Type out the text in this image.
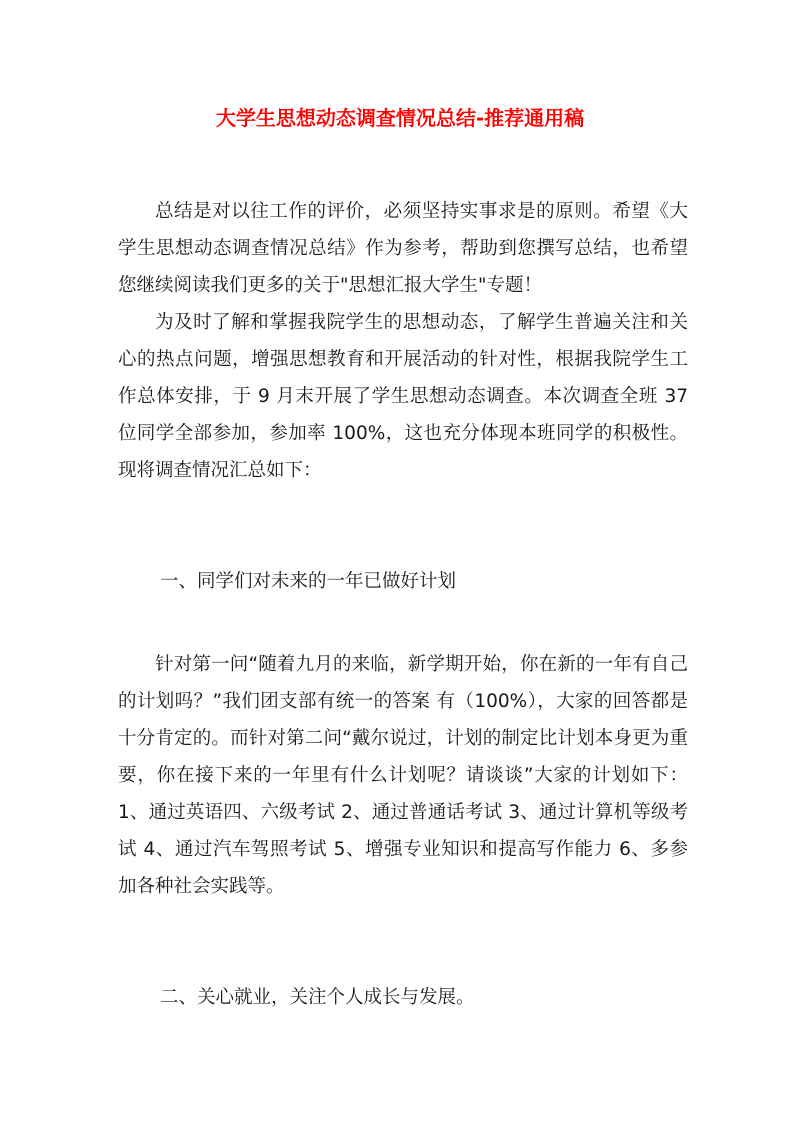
大学生思想动态调查情况总结-推荐通用稿

总结是对以往工作的评价，必须坚持实事求是的原则。希望《大学生思想动态调查情况总结》作为参考，帮助到您撰写总结，也希望您继续阅读我们更多的关于"思想汇报大学生"专题！

为及时了解和掌握我院学生的思想动态，了解学生普遍关注和关心的热点问题，增强思想教育和开展活动的针对性，根据我院学生工作总体安排，于 9 月末开展了学生思想动态调查。本次调查全班 37 位同学全部参加，参加率 100%，这也充分体现本班同学的积极性。现将调查情况汇总如下：

一、同学们对未来的一年已做好计划

针对第一问“随着九月的来临，新学期开始，你在新的一年有自己的计划吗？”我们团支部有统一的答案 有（100%），大家的回答都是十分肯定的。而针对第二问“戴尔说过，计划的制定比计划本身更为重要，你在接下来的一年里有什么计划呢？请谈谈”大家的计划如下：1、通过英语四、六级考试 2、通过普通话考试 3、通过计算机等级考试 4、通过汽车驾照考试 5、增强专业知识和提高写作能力 6、多参加各种社会实践等。

二、关心就业，关注个人成长与发展。
